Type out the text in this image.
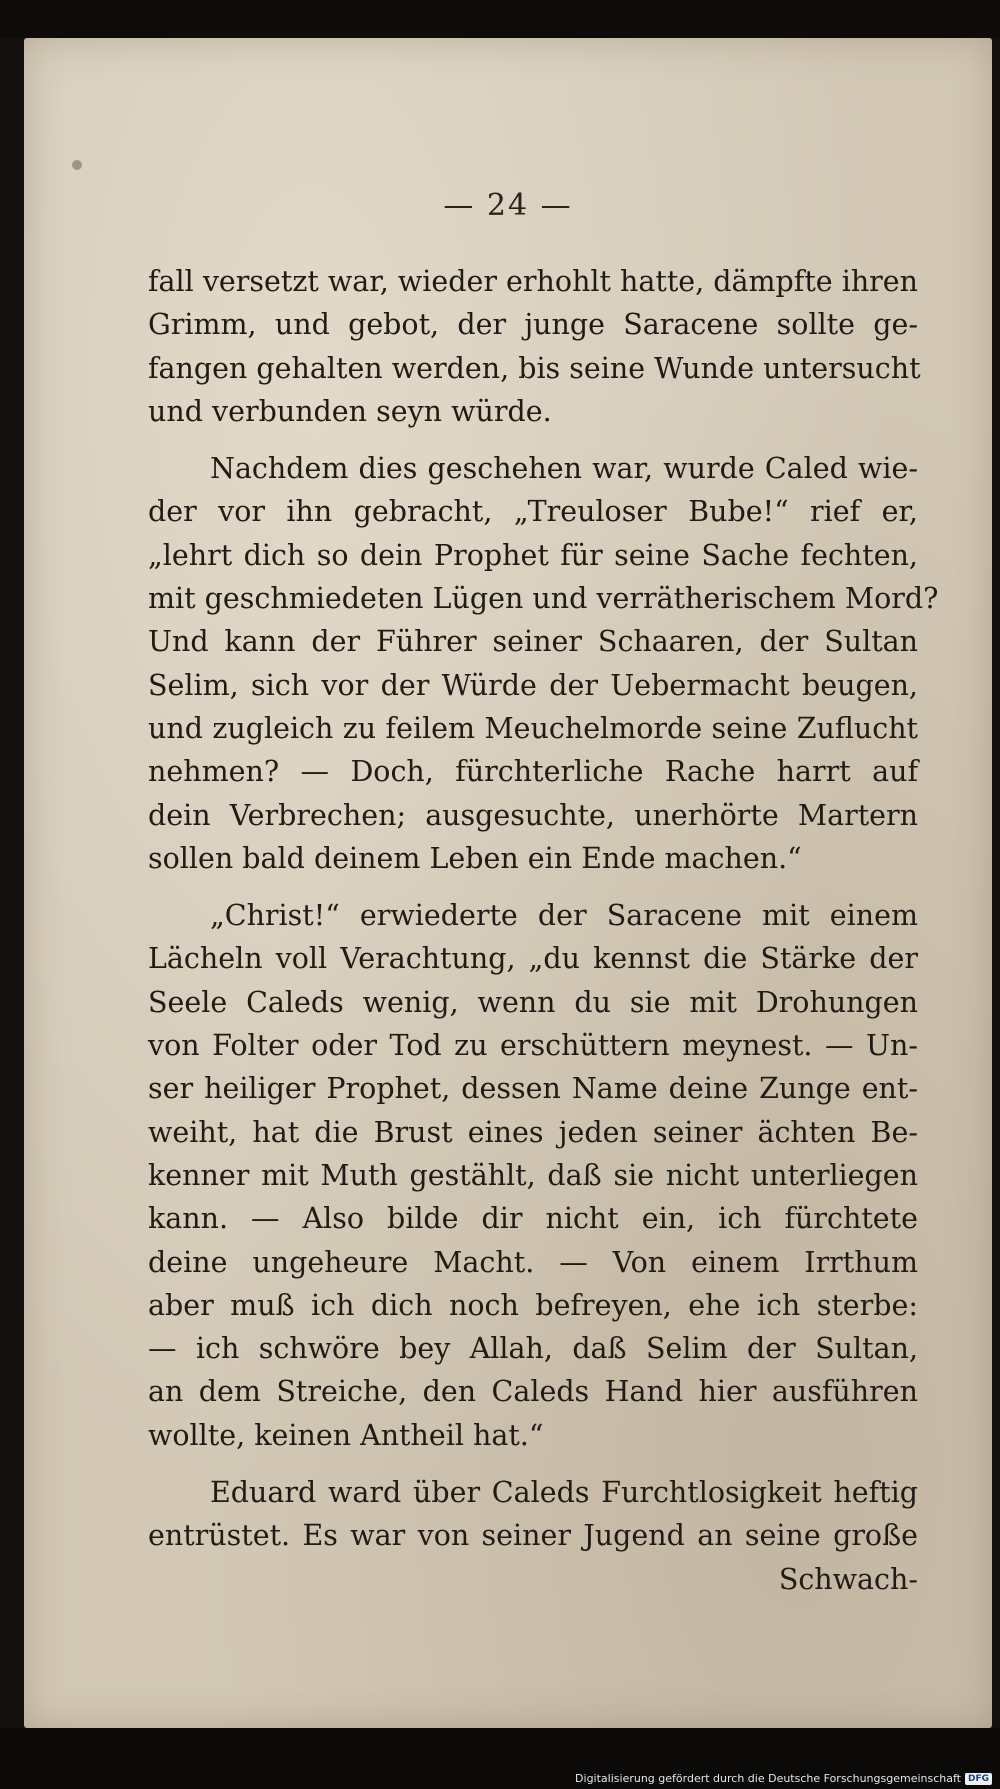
— 24 —
fall versetzt war, wieder erhohlt hatte, dämpfte ihren
Grimm, und gebot, der junge Saracene sollte ge-
fangen gehalten werden, bis seine Wunde untersucht
und verbunden seyn würde.
Nachdem dies geschehen war, wurde Caled wie-
der vor ihn gebracht, „Treuloser Bube!“ rief er,
„lehrt dich so dein Prophet für seine Sache fechten,
mit geschmiedeten Lügen und verrätherischem Mord?
Und kann der Führer seiner Schaaren, der Sultan
Selim, sich vor der Würde der Uebermacht beugen,
und zugleich zu feilem Meuchelmorde seine Zuflucht
nehmen? — Doch, fürchterliche Rache harrt auf
dein Verbrechen; ausgesuchte, unerhörte Martern
sollen bald deinem Leben ein Ende machen.“
„Christ!“ erwiederte der Saracene mit einem
Lächeln voll Verachtung, „du kennst die Stärke der
Seele Caleds wenig, wenn du sie mit Drohungen
von Folter oder Tod zu erschüttern meynest. — Un-
ser heiliger Prophet, dessen Name deine Zunge ent-
weiht, hat die Brust eines jeden seiner ächten Be-
kenner mit Muth gestählt, daß sie nicht unterliegen
kann. — Also bilde dir nicht ein, ich fürchtete
deine ungeheure Macht. — Von einem Irrthum
aber muß ich dich noch befreyen, ehe ich sterbe:
— ich schwöre bey Allah, daß Selim der Sultan,
an dem Streiche, den Caleds Hand hier ausführen
wollte, keinen Antheil hat.“
Eduard ward über Caleds Furchtlosigkeit heftig
entrüstet. Es war von seiner Jugend an seine große
Schwach-
Digitalisierung gefördert durch die Deutsche Forschungsgemeinschaft DFG
